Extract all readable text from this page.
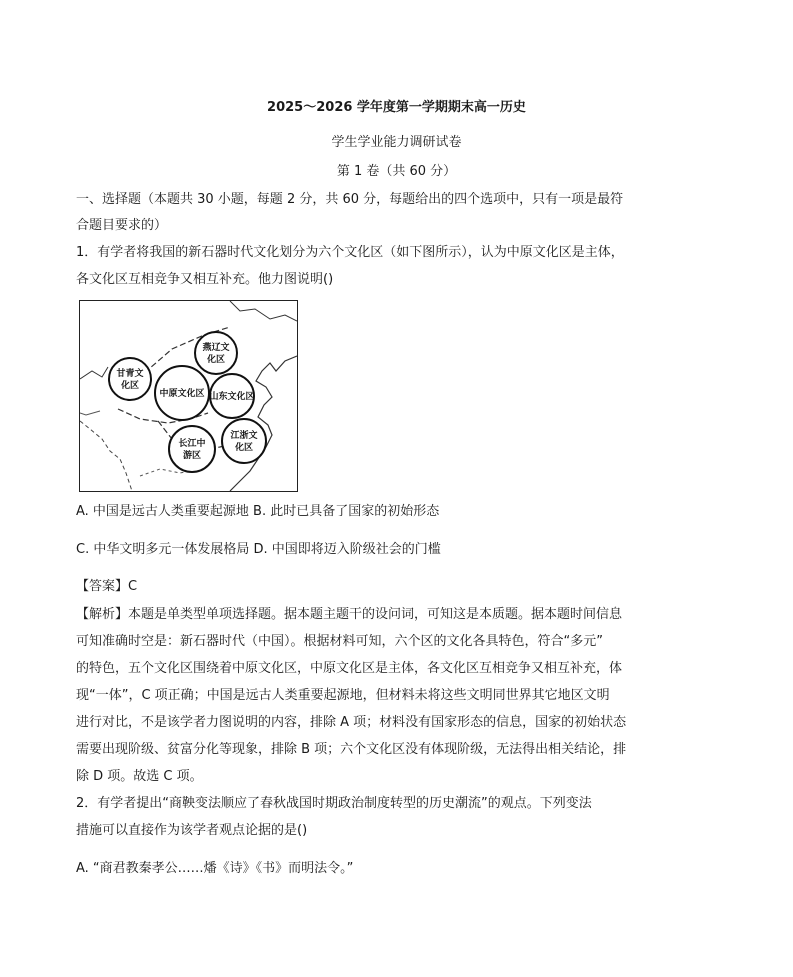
2025～2026 学年度第一学期期末高一历史
学生学业能力调研试卷
第 1 卷（共 60 分）
一、选择题（本题共 30 小题，每题 2 分，共 60 分，每题给出的四个选项中，只有一项是最符
合题目要求的）
1．有学者将我国的新石器时代文化划分为六个文化区（如下图所示），认为中原文化区是主体，
各文化区互相竞争又相互补充。他力图说明()
燕辽文
化区
甘青文
化区
中原文化区 山东文化区
长江中
游区
江浙文
化区
A. 中国是远古人类重要起源地 B. 此时已具备了国家的初始形态
C. 中华文明多元一体发展格局 D. 中国即将迈入阶级社会的门槛
【答案】C
【解析】本题是单类型单项选择题。据本题主题干的设问词，可知这是本质题。据本题时间信息
可知准确时空是：新石器时代（中国）。根据材料可知，六个区的文化各具特色，符合“多元”
的特色，五个文化区围绕着中原文化区，中原文化区是主体，各文化区互相竞争又相互补充，体
现“一体”，C 项正确；中国是远古人类重要起源地，但材料未将这些文明同世界其它地区文明
进行对比，不是该学者力图说明的内容，排除 A 项；材料没有国家形态的信息，国家的初始状态
需要出现阶级、贫富分化等现象，排除 B 项；六个文化区没有体现阶级，无法得出相关结论，排
除 D 项。故选 C 项。
2．有学者提出“商鞅变法顺应了春秋战国时期政治制度转型的历史潮流”的观点。下列变法
措施可以直接作为该学者观点论据的是()
A. “商君教秦孝公……燔《诗》《书》而明法令。”
